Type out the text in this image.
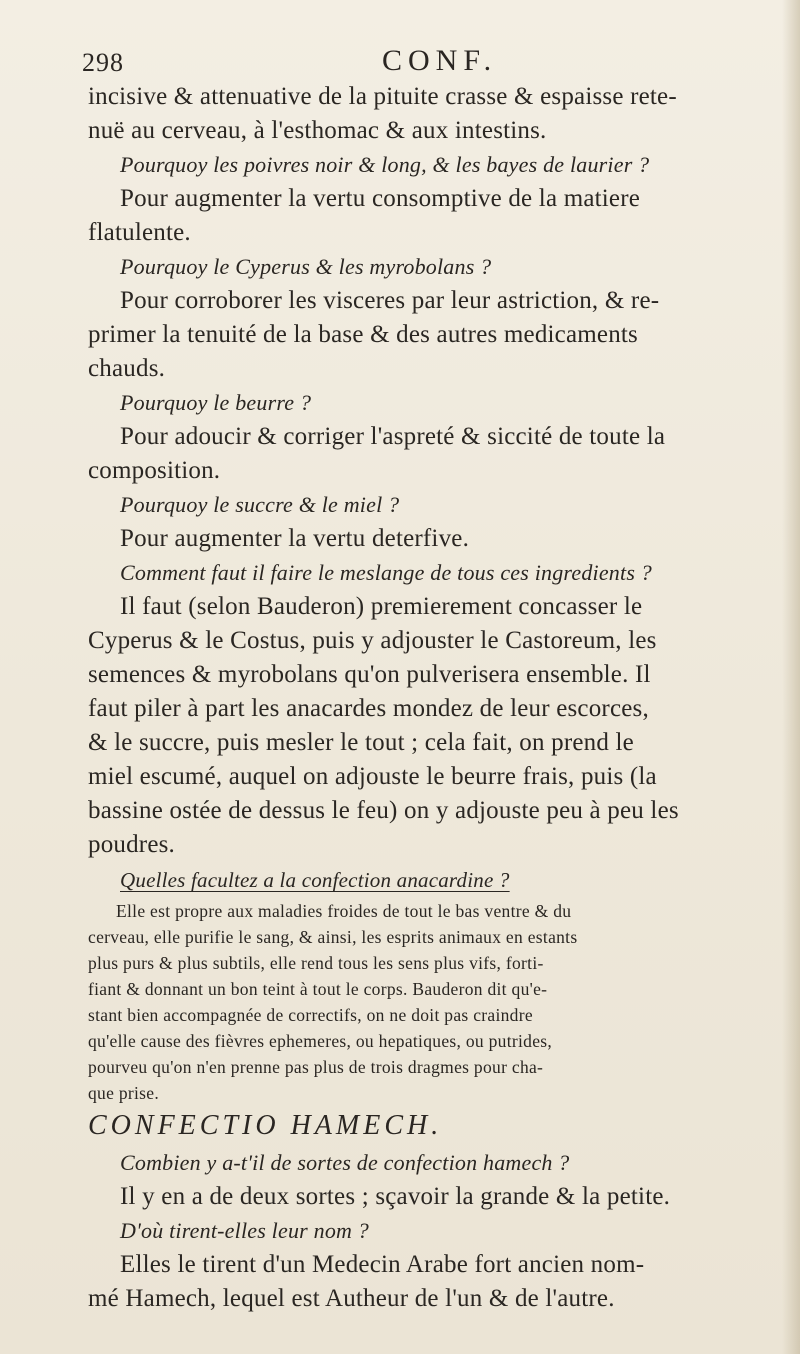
298	CONF.
incisive & attenuative de la pituite crasse & espaisse rete-
nuë au cerveau, à l'esthomac & aux intestins.
Pourquoy les poivres noir & long, & les bayes de laurier ?
Pour augmenter la vertu consomptive de la matiere
flatulente.
Pourquoy le Cyperus & les myrobolans ?
Pour corroborer les visceres par leur astriction, & re-
primer la tenuité de la base & des autres medicaments
chauds.
Pourquoy le beurre ?
Pour adoucir & corriger l'aspreté & siccité de toute la
composition.
Pourquoy le succre & le miel ?
Pour augmenter la vertu deterfive.
Comment faut il faire le meslange de tous ces ingredients ?
Il faut (selon Bauderon) premierement concasser le
Cyperus & le Costus, puis y adjouster le Castoreum, les
semences & myrobolans qu'on pulverisera ensemble. Il
faut piler à part les anacardes mondez de leur escorces,
& le succre, puis mesler le tout ; cela fait, on prend le
miel escumé, auquel on adjouste le beurre frais, puis (la
bassine ostée de dessus le feu) on y adjouste peu à peu les
poudres.
Quelles facultez a la confection anacardine ?
Elle est propre aux maladies froides de tout le bas ventre & du
cerveau, elle purifie le sang, & ainsi, les esprits animaux en estants
plus purs & plus subtils, elle rend tous les sens plus vifs, forti-
fiant & donnant un bon teint à tout le corps. Bauderon dit qu'e-
stant bien accompagnée de correctifs, on ne doit pas craindre
qu'elle cause des fièvres ephemeres, ou hepatiques, ou putrides,
pourveu qu'on n'en prenne pas plus de trois dragmes pour cha-
que prise.
CONFECTIO HAMECH.
Combien y a-t'il de sortes de confection hamech ?
Il y en a de deux sortes ; sçavoir la grande & la petite.
D'où tirent-elles leur nom ?
Elles le tirent d'un Medecin Arabe fort ancien nom-
mé Hamech, lequel est Autheur de l'un & de l'autre.
